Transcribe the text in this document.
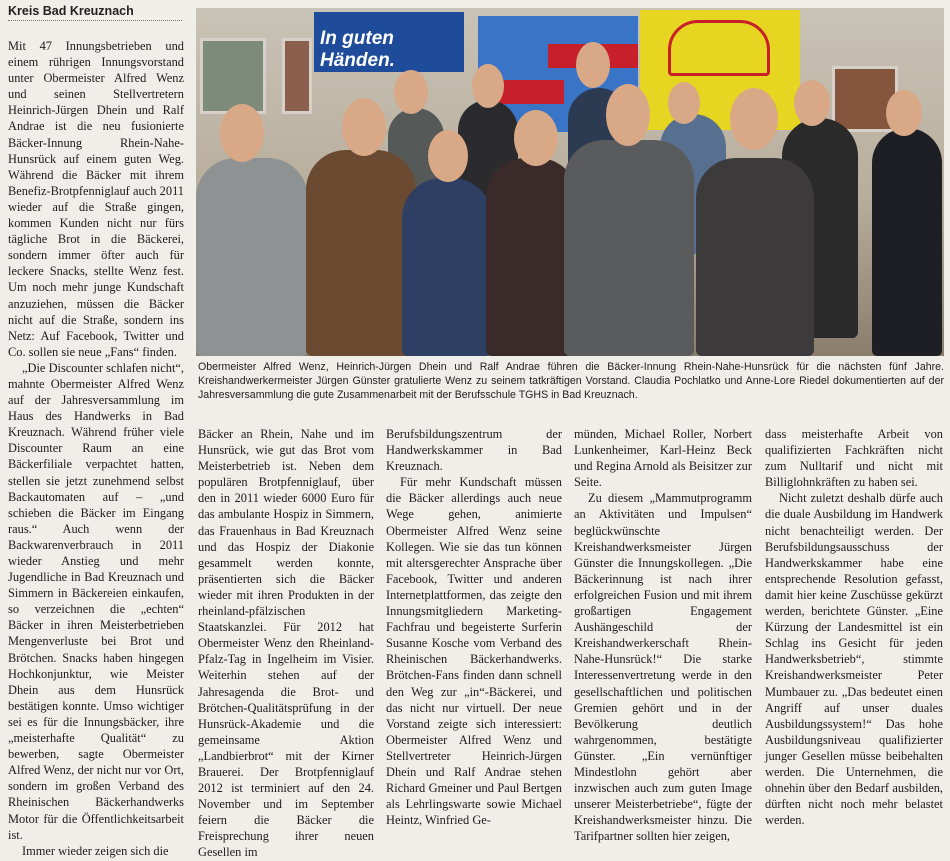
Kreis Bad Kreuznach

Mit 47 Innungsbetrieben und einem rührigen Innungsvorstand unter Obermeister Alfred Wenz und seinen Stellvertretern Heinrich-Jürgen Dhein und Ralf Andrae ist die neu fusionierte Bäcker-Innung Rhein-Nahe-Hunsrück auf einem guten Weg. Während die Bäcker mit ihrem Benefiz-Brotpfenniglauf auch 2011 wieder auf die Straße gingen, kommen Kunden nicht nur fürs tägliche Brot in die Bäckerei, sondern immer öfter auch für leckere Snacks, stellte Wenz fest. Um noch mehr junge Kundschaft anzuziehen, müssen die Bäcker nicht auf die Straße, sondern ins Netz: Auf Facebook, Twitter und Co. sollen sie neue „Fans“ finden.

„Die Discounter schlafen nicht“, mahnte Obermeister Alfred Wenz auf der Jahresversammlung im Haus des Handwerks in Bad Kreuznach. Während früher viele Discounter Raum an eine Bäckerfiliale verpachtet hatten, stellen sie jetzt zunehmend selbst Backautomaten auf – „und schieben die Bäcker im Eingang raus.“ Auch wenn der Backwarenverbrauch in 2011 wieder Anstieg und mehr Jugendliche in Bad Kreuznach und Simmern in Bäckereien einkaufen, so verzeichnen die „echten“ Bäcker in ihren Meisterbetrieben Mengenverluste bei Brot und Brötchen. Snacks haben hingegen Hochkonjunktur, wie Meister Dhein aus dem Hunsrück bestätigen konnte. Umso wichtiger sei es für die Innungsbäcker, ihre „meisterhafte Qualität“ zu bewerben, sagte Obermeister Alfred Wenz, der nicht nur vor Ort, sondern im großen Verband des Rheinischen Bäckerhandwerks Motor für die Öffentlichkeitsarbeit ist.

Immer wieder zeigen sich die

In guten Händen.
Obermeister Alfred Wenz, Heinrich-Jürgen Dhein und Ralf Andrae führen die Bäcker-Innung Rhein-Nahe-Hunsrück für die nächsten fünf Jahre. Kreishandwerkermeister Jürgen Günster gratulierte Wenz zu seinem tatkräftigen Vorstand. Claudia Pochlatko und Anne-Lore Riedel dokumentierten auf der Jahresversammlung die gute Zusammenarbeit mit der Berufsschule TGHS in Bad Kreuznach.

Bäcker an Rhein, Nahe und im Hunsrück, wie gut das Brot vom Meisterbetrieb ist. Neben dem populären Brotpfenniglauf, über den in 2011 wieder 6000 Euro für das ambulante Hospiz in Simmern, das Frauenhaus in Bad Kreuznach und das Hospiz der Diakonie gesammelt werden konnte, präsentierten sich die Bäcker wieder mit ihren Produkten in der rheinland-pfälzischen Staatskanzlei. Für 2012 hat Obermeister Wenz den Rheinland-Pfalz-Tag in Ingelheim im Visier. Weiterhin stehen auf der Jahresagenda die Brot- und Brötchen-Qualitätsprüfung in der Hunsrück-Akademie und die gemeinsame Aktion „Landbierbrot“ mit der Kirner Brauerei. Der Brotpfenniglauf 2012 ist terminiert auf den 24. November und im September feiern die Bäcker die Freisprechung ihrer neuen Gesellen im

Berufsbildungszentrum der Handwerkskammer in Bad Kreuznach.

Für mehr Kundschaft müssen die Bäcker allerdings auch neue Wege gehen, animierte Obermeister Alfred Wenz seine Kollegen. Wie sie das tun können mit altersgerechter Ansprache über Facebook, Twitter und anderen Internetplattformen, das zeigte den Innungsmitgliedern Marketing-Fachfrau und begeisterte Surferin Susanne Kosche vom Verband des Rheinischen Bäckerhandwerks. Brötchen-Fans finden dann schnell den Weg zur „in“-Bäckerei, und das nicht nur virtuell. Der neue Vorstand zeigte sich interessiert: Obermeister Alfred Wenz und Stellvertreter Heinrich-Jürgen Dhein und Ralf Andrae stehen Richard Gmeiner und Paul Bertgen als Lehrlingswarte sowie Michael Heintz, Winfried Ge-

münden, Michael Roller, Norbert Lunkenheimer, Karl-Heinz Beck und Regina Arnold als Beisitzer zur Seite.

Zu diesem „Mammutprogramm an Aktivitäten und Impulsen“ beglückwünschte Kreishandwerksmeister Jürgen Günster die Innungskollegen. „Die Bäckerinnung ist nach ihrer erfolgreichen Fusion und mit ihrem großartigen Engagement Aushängeschild der Kreishandwerkerschaft Rhein-Nahe-Hunsrück!“ Die starke Interessenvertretung werde in den gesellschaftlichen und politischen Gremien gehört und in der Bevölkerung deutlich wahrgenommen, bestätigte Günster. „Ein vernünftiger Mindestlohn gehört aber inzwischen auch zum guten Image unserer Meisterbetriebe“, fügte der Kreishandwerksmeister hinzu. Die Tarifpartner sollten hier zeigen,

dass meisterhafte Arbeit von qualifizierten Fachkräften nicht zum Nulltarif und nicht mit Billiglohnkräften zu haben sei.

Nicht zuletzt deshalb dürfe auch die duale Ausbildung im Handwerk nicht benachteiligt werden. Der Berufsbildungsausschuss der Handwerkskammer habe eine entsprechende Resolution gefasst, damit hier keine Zuschüsse gekürzt werden, berichtete Günster. „Eine Kürzung der Landesmittel ist ein Schlag ins Gesicht für jeden Handwerksbetrieb“, stimmte Kreishandwerksmeister Peter Mumbauer zu. „Das bedeutet einen Angriff auf unser duales Ausbildungssystem!“ Das hohe Ausbildungsniveau qualifizierter junger Gesellen müsse beibehalten werden. Die Unternehmen, die ohnehin über den Bedarf ausbilden, dürften nicht noch mehr belastet werden.
